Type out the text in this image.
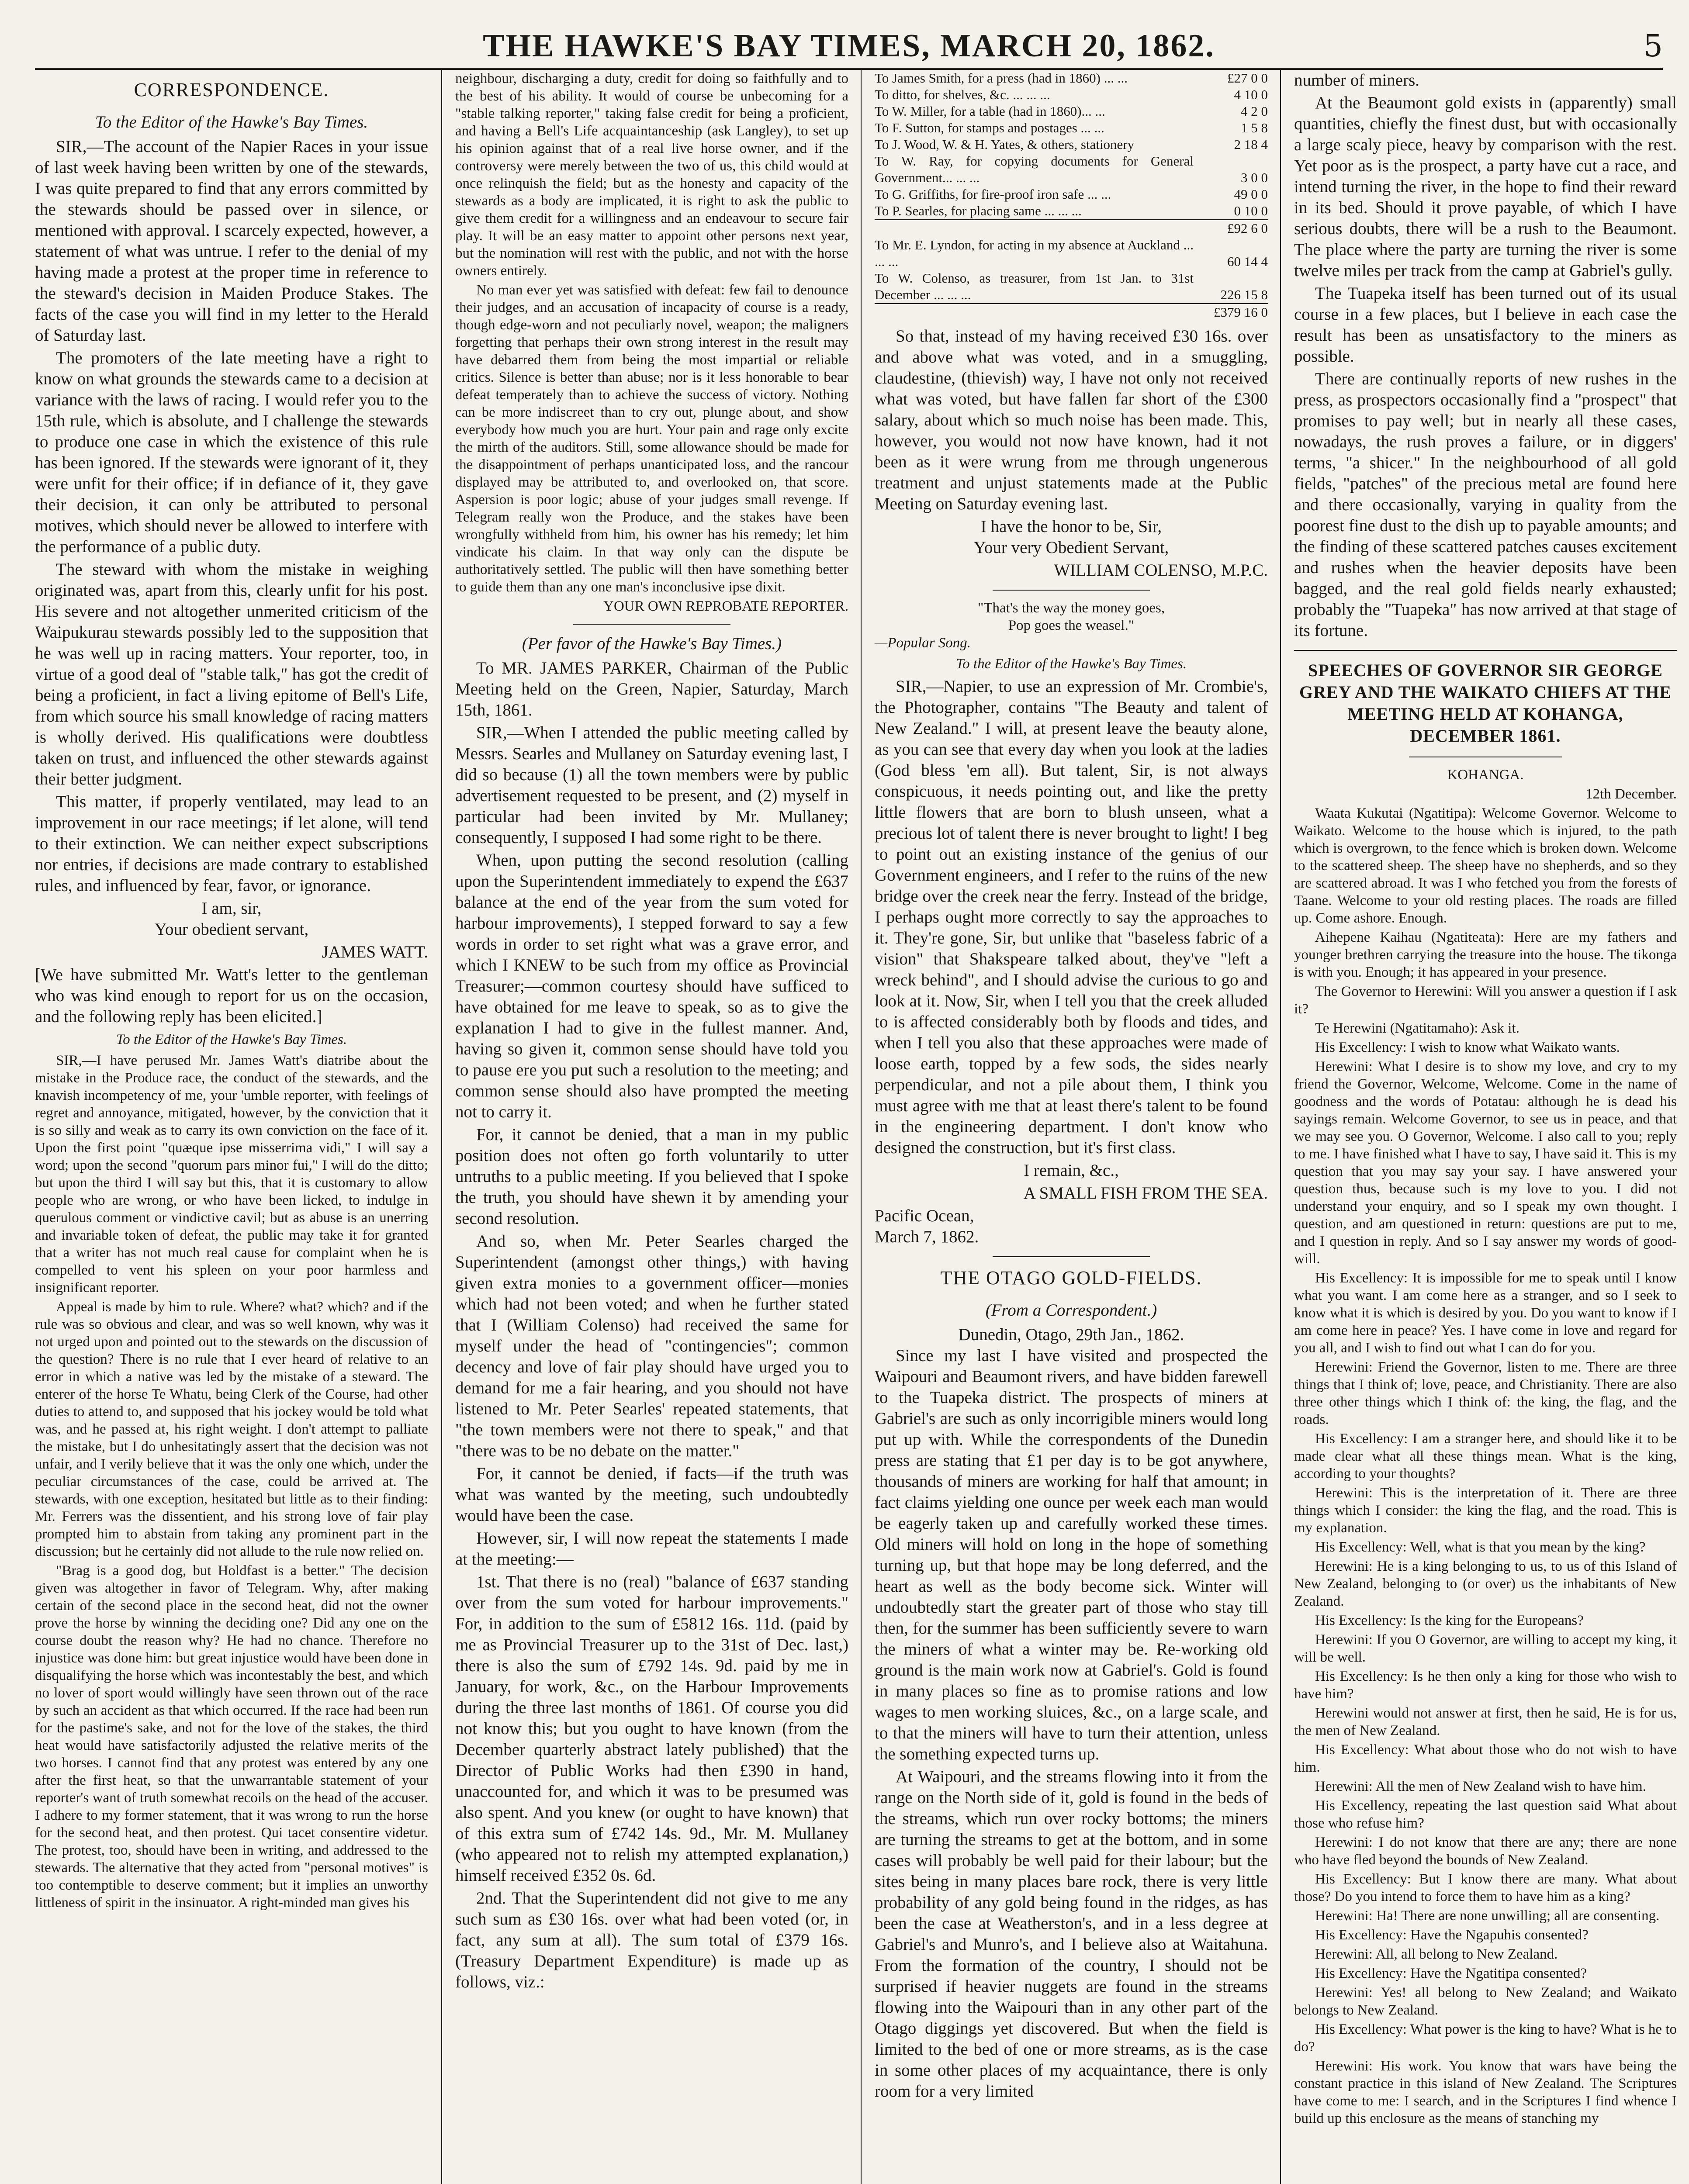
THE HAWKE'S BAY TIMES, MARCH 20, 1862.	5
CORRESPONDENCE.
To the Editor of the Hawke's Bay Times.

SIR,—The account of the Napier Races in your issue of last week having been written by one of the stewards, I was quite prepared to find that any errors committed by the stewards should be passed over in silence, or mentioned with approval. I scarcely expected, however, a statement of what was untrue. I refer to the denial of my having made a protest at the proper time in reference to the steward's decision in Maiden Produce Stakes. The facts of the case you will find in my letter to the Herald of Saturday last.

The promoters of the late meeting have a right to know on what grounds the stewards came to a decision at variance with the laws of racing. I would refer you to the 15th rule, which is absolute, and I challenge the stewards to produce one case in which the existence of this rule has been ignored. If the stewards were ignorant of it, they were unfit for their office; if in defiance of it, they gave their decision, it can only be attributed to personal motives, which should never be allowed to interfere with the performance of a public duty.

The steward with whom the mistake in weighing originated was, apart from this, clearly unfit for his post. His severe and not altogether unmerited criticism of the Waipukurau stewards possibly led to the supposition that he was well up in racing matters. Your reporter, too, in virtue of a good deal of "stable talk," has got the credit of being a proficient, in fact a living epitome of Bell's Life, from which source his small knowledge of racing matters is wholly derived. His qualifications were doubtless taken on trust, and influenced the other stewards against their better judgment.

This matter, if properly ventilated, may lead to an improvement in our race meetings; if let alone, will tend to their extinction. We can neither expect subscriptions nor entries, if decisions are made contrary to established rules, and influenced by fear, favor, or ignorance.

I am, sir,
Your obedient servant,
JAMES WATT.

[We have submitted Mr. Watt's letter to the gentleman who was kind enough to report for us on the occasion, and the following reply has been elicited.]

To the Editor of the Hawke's Bay Times.

SIR,—I have perused Mr. James Watt's diatribe about the mistake in the Produce race, the conduct of the stewards, and the knavish incompetency of me, your 'umble reporter, with feelings of regret and annoyance, mitigated, however, by the conviction that it is so silly and weak as to carry its own conviction on the face of it. Upon the first point "quæque ipse misserrima vidi," I will say a word; upon the second "quorum pars minor fui," I will do the ditto; but upon the third I will say but this, that it is customary to allow people who are wrong, or who have been licked, to indulge in querulous comment or vindictive cavil; but as abuse is an unerring and invariable token of defeat, the public may take it for granted that a writer has not much real cause for complaint when he is compelled to vent his spleen on your poor harmless and insignificant reporter.

Appeal is made by him to rule. Where? what? which? and if the rule was so obvious and clear, and was so well known, why was it not urged upon and pointed out to the stewards on the discussion of the question? There is no rule that I ever heard of relative to an error in which a native was led by the mistake of a steward. The enterer of the horse Te Whatu, being Clerk of the Course, had other duties to attend to, and supposed that his jockey would be told what was, and he passed at, his right weight. I don't attempt to palliate the mistake, but I do unhesitatingly assert that the decision was not unfair, and I verily believe that it was the only one which, under the peculiar circumstances of the case, could be arrived at. The stewards, with one exception, hesitated but little as to their finding: Mr. Ferrers was the dissentient, and his strong love of fair play prompted him to abstain from taking any prominent part in the discussion; but he certainly did not allude to the rule now relied on.

"Brag is a good dog, but Holdfast is a better." The decision given was altogether in favor of Telegram. Why, after making certain of the second place in the second heat, did not the owner prove the horse by winning the deciding one? Did any one on the course doubt the reason why? He had no chance. Therefore no injustice was done him: but great injustice would have been done in disqualifying the horse which was incontestably the best, and which no lover of sport would willingly have seen thrown out of the race by such an accident as that which occurred. If the race had been run for the pastime's sake, and not for the love of the stakes, the third heat would have satisfactorily adjusted the relative merits of the two horses. I cannot find that any protest was entered by any one after the first heat, so that the unwarrantable statement of your reporter's want of truth somewhat recoils on the head of the accuser. I adhere to my former statement, that it was wrong to run the horse for the second heat, and then protest. Qui tacet consentire videtur. The protest, too, should have been in writing, and addressed to the stewards. The alternative that they acted from "personal motives" is too contemptible to deserve comment; but it implies an unworthy littleness of spirit in the insinuator. A right-minded man gives his

neighbour, discharging a duty, credit for doing so faithfully and to the best of his ability. It would of course be unbecoming for a "stable talking reporter," taking false credit for being a proficient, and having a Bell's Life acquaintanceship (ask Langley), to set up his opinion against that of a real live horse owner, and if the controversy were merely between the two of us, this child would at once relinquish the field; but as the honesty and capacity of the stewards as a body are implicated, it is right to ask the public to give them credit for a willingness and an endeavour to secure fair play. It will be an easy matter to appoint other persons next year, but the nomination will rest with the public, and not with the horse owners entirely.

No man ever yet was satisfied with defeat: few fail to denounce their judges, and an accusation of incapacity of course is a ready, though edge-worn and not peculiarly novel, weapon; the maligners forgetting that perhaps their own strong interest in the result may have debarred them from being the most impartial or reliable critics. Silence is better than abuse; nor is it less honorable to bear defeat temperately than to achieve the success of victory. Nothing can be more indiscreet than to cry out, plunge about, and show everybody how much you are hurt. Your pain and rage only excite the mirth of the auditors. Still, some allowance should be made for the disappointment of perhaps unanticipated loss, and the rancour displayed may be attributed to, and overlooked on, that score. Aspersion is poor logic; abuse of your judges small revenge. If Telegram really won the Produce, and the stakes have been wrongfully withheld from him, his owner has his remedy; let him vindicate his claim. In that way only can the dispute be authoritatively settled. The public will then have something better to guide them than any one man's inconclusive ipse dixit.

YOUR OWN REPROBATE REPORTER.
(Per favor of the Hawke's Bay Times.)

To MR. JAMES PARKER, Chairman of the Public Meeting held on the Green, Napier, Saturday, March 15th, 1861.

SIR,—When I attended the public meeting called by Messrs. Searles and Mullaney on Saturday evening last, I did so because (1) all the town members were by public advertisement requested to be present, and (2) myself in particular had been invited by Mr. Mullaney; consequently, I supposed I had some right to be there.

When, upon putting the second resolution (calling upon the Superintendent immediately to expend the £637 balance at the end of the year from the sum voted for harbour improvements), I stepped forward to say a few words in order to set right what was a grave error, and which I KNEW to be such from my office as Provincial Treasurer;—common courtesy should have sufficed to have obtained for me leave to speak, so as to give the explanation I had to give in the fullest manner. And, having so given it, common sense should have told you to pause ere you put such a resolution to the meeting; and common sense should also have prompted the meeting not to carry it.

For, it cannot be denied, that a man in my public position does not often go forth voluntarily to utter untruths to a public meeting. If you believed that I spoke the truth, you should have shewn it by amending your second resolution.

And so, when Mr. Peter Searles charged the Superintendent (amongst other things,) with having given extra monies to a government officer—monies which had not been voted; and when he further stated that I (William Colenso) had received the same for myself under the head of "contingencies"; common decency and love of fair play should have urged you to demand for me a fair hearing, and you should not have listened to Mr. Peter Searles' repeated statements, that "the town members were not there to speak," and that "there was to be no debate on the matter."

For, it cannot be denied, if facts—if the truth was what was wanted by the meeting, such undoubtedly would have been the case.

However, sir, I will now repeat the statements I made at the meeting:—

1st. That there is no (real) "balance of £637 standing over from the sum voted for harbour improvements." For, in addition to the sum of £5812 16s. 11d. (paid by me as Provincial Treasurer up to the 31st of Dec. last,) there is also the sum of £792 14s. 9d. paid by me in January, for work, &c., on the Harbour Improvements during the three last months of 1861. Of course you did not know this; but you ought to have known (from the December quarterly abstract lately published) that the Director of Public Works had then £390 in hand, unaccounted for, and which it was to be presumed was also spent. And you knew (or ought to have known) that of this extra sum of £742 14s. 9d., Mr. M. Mullaney (who appeared not to relish my attempted explanation,) himself received £352 0s. 6d.

2nd. That the Superintendent did not give to me any such sum as £30 16s. over what had been voted (or, in fact, any sum at all). The sum total of £379 16s. (Treasury Department Expenditure) is made up as follows, viz.:

To James Smith, for a press (had in 1860) ... ...	£27 0 0
To ditto, for shelves, &c. ... ... ...	4 10 0
To W. Miller, for a table (had in 1860)... ...	4 2 0
To F. Sutton, for stamps and postages ... ...	1 5 8
To J. Wood, W. & H. Yates, & others, stationery	2 18 4
To W. Ray, for copying documents for General Government... ... ...	3 0 0
To G. Griffiths, for fire-proof iron safe ... ...	49 0 0
To P. Searles, for placing same ... ... ...	0 10 0
	£92 6 0
To Mr. E. Lyndon, for acting in my absence at Auckland ... ... ...	60 14 4
To W. Colenso, as treasurer, from 1st Jan. to 31st December ... ... ...	226 15 8
	£379 16 0

So that, instead of my having received £30 16s. over and above what was voted, and in a smuggling, claudestine, (thievish) way, I have not only not received what was voted, but have fallen far short of the £300 salary, about which so much noise has been made. This, however, you would not now have known, had it not been as it were wrung from me through ungenerous treatment and unjust statements made at the Public Meeting on Saturday evening last.

I have the honor to be, Sir,
Your very Obedient Servant,
WILLIAM COLENSO, M.P.C.
"That's the way the money goes,
Pop goes the weasel."
—Popular Song.
To the Editor of the Hawke's Bay Times.

SIR,—Napier, to use an expression of Mr. Crombie's, the Photographer, contains "The Beauty and talent of New Zealand." I will, at present leave the beauty alone, as you can see that every day when you look at the ladies (God bless 'em all). But talent, Sir, is not always conspicuous, it needs pointing out, and like the pretty little flowers that are born to blush unseen, what a precious lot of talent there is never brought to light! I beg to point out an existing instance of the genius of our Government engineers, and I refer to the ruins of the new bridge over the creek near the ferry. Instead of the bridge, I perhaps ought more correctly to say the approaches to it. They're gone, Sir, but unlike that "baseless fabric of a vision" that Shakspeare talked about, they've "left a wreck behind", and I should advise the curious to go and look at it. Now, Sir, when I tell you that the creek alluded to is affected considerably both by floods and tides, and when I tell you also that these approaches were made of loose earth, topped by a few sods, the sides nearly perpendicular, and not a pile about them, I think you must agree with me that at least there's talent to be found in the engineering department. I don't know who designed the construction, but it's first class.

I remain, &c.,
A SMALL FISH FROM THE SEA.
Pacific Ocean,
March 7, 1862.
THE OTAGO GOLD-FIELDS.
(From a Correspondent.)
Dunedin, Otago, 29th Jan., 1862.

Since my last I have visited and prospected the Waipouri and Beaumont rivers, and have bidden farewell to the Tuapeka district. The prospects of miners at Gabriel's are such as only incorrigible miners would long put up with. While the correspondents of the Dunedin press are stating that £1 per day is to be got anywhere, thousands of miners are working for half that amount; in fact claims yielding one ounce per week each man would be eagerly taken up and carefully worked these times. Old miners will hold on long in the hope of something turning up, but that hope may be long deferred, and the heart as well as the body become sick. Winter will undoubtedly start the greater part of those who stay till then, for the summer has been sufficiently severe to warn the miners of what a winter may be. Re-working old ground is the main work now at Gabriel's. Gold is found in many places so fine as to promise rations and low wages to men working sluices, &c., on a large scale, and to that the miners will have to turn their attention, unless the something expected turns up.

At Waipouri, and the streams flowing into it from the range on the North side of it, gold is found in the beds of the streams, which run over rocky bottoms; the miners are turning the streams to get at the bottom, and in some cases will probably be well paid for their labour; but the sites being in many places bare rock, there is very little probability of any gold being found in the ridges, as has been the case at Weatherston's, and in a less degree at Gabriel's and Munro's, and I believe also at Waitahuna. From the formation of the country, I should not be surprised if heavier nuggets are found in the streams flowing into the Waipouri than in any other part of the Otago diggings yet discovered. But when the field is limited to the bed of one or more streams, as is the case in some other places of my acquaintance, there is only room for a very limited

number of miners.

At the Beaumont gold exists in (apparently) small quantities, chiefly the finest dust, but with occasionally a large scaly piece, heavy by comparison with the rest. Yet poor as is the prospect, a party have cut a race, and intend turning the river, in the hope to find their reward in its bed. Should it prove payable, of which I have serious doubts, there will be a rush to the Beaumont. The place where the party are turning the river is some twelve miles per track from the camp at Gabriel's gully.

The Tuapeka itself has been turned out of its usual course in a few places, but I believe in each case the result has been as unsatisfactory to the miners as possible.

There are continually reports of new rushes in the press, as prospectors occasionally find a "prospect" that promises to pay well; but in nearly all these cases, nowadays, the rush proves a failure, or in diggers' terms, "a shicer." In the neighbourhood of all gold fields, "patches" of the precious metal are found here and there occasionally, varying in quality from the poorest fine dust to the dish up to payable amounts; and the finding of these scattered patches causes excitement and rushes when the heavier deposits have been bagged, and the real gold fields nearly exhausted; probably the "Tuapeka" has now arrived at that stage of its fortune.

SPEECHES OF GOVERNOR SIR GEORGE GREY AND THE WAIKATO CHIEFS AT THE MEETING HELD AT KOHANGA, DECEMBER 1861.
KOHANGA.
12th December.

Waata Kukutai (Ngatitipa): Welcome Governor. Welcome to Waikato. Welcome to the house which is injured, to the path which is overgrown, to the fence which is broken down. Welcome to the scattered sheep. The sheep have no shepherds, and so they are scattered abroad. It was I who fetched you from the forests of Taane. Welcome to your old resting places. The roads are filled up. Come ashore. Enough.

Aihepene Kaihau (Ngatiteata): Here are my fathers and younger brethren carrying the treasure into the house. The tikonga is with you. Enough; it has appeared in your presence.

The Governor to Herewini: Will you answer a question if I ask it?

Te Herewini (Ngatitamaho): Ask it.

His Excellency: I wish to know what Waikato wants.

Herewini: What I desire is to show my love, and cry to my friend the Governor, Welcome, Welcome. Come in the name of goodness and the words of Potatau: although he is dead his sayings remain. Welcome Governor, to see us in peace, and that we may see you. O Governor, Welcome. I also call to you; reply to me. I have finished what I have to say, I have said it. This is my question that you may say your say. I have answered your question thus, because such is my love to you. I did not understand your enquiry, and so I speak my own thought. I question, and am questioned in return: questions are put to me, and I question in reply. And so I say answer my words of good-will.

His Excellency: It is impossible for me to speak until I know what you want. I am come here as a stranger, and so I seek to know what it is which is desired by you. Do you want to know if I am come here in peace? Yes. I have come in love and regard for you all, and I wish to find out what I can do for you.

Herewini: Friend the Governor, listen to me. There are three things that I think of; love, peace, and Christianity. There are also three other things which I think of: the king, the flag, and the roads.

His Excellency: I am a stranger here, and should like it to be made clear what all these things mean. What is the king, according to your thoughts?

Herewini: This is the interpretation of it. There are three things which I consider: the king the flag, and the road. This is my explanation.

His Excellency: Well, what is that you mean by the king?

Herewini: He is a king belonging to us, to us of this Island of New Zealand, belonging to (or over) us the inhabitants of New Zealand.

His Excellency: Is the king for the Europeans?

Herewini: If you O Governor, are willing to accept my king, it will be well.

His Excellency: Is he then only a king for those who wish to have him?

Herewini would not answer at first, then he said, He is for us, the men of New Zealand.

His Excellency: What about those who do not wish to have him.

Herewini: All the men of New Zealand wish to have him.

His Excellency, repeating the last question said What about those who refuse him?

Herewini: I do not know that there are any; there are none who have fled beyond the bounds of New Zealand.

His Excellency: But I know there are many. What about those? Do you intend to force them to have him as a king?

Herewini: Ha! There are none unwilling; all are consenting.

His Excellency: Have the Ngapuhis consented?

Herewini: All, all belong to New Zealand.

His Excellency: Have the Ngatitipa consented?

Herewini: Yes! all belong to New Zealand; and Waikato belongs to New Zealand.

His Excellency: What power is the king to have? What is he to do?

Herewini: His work. You know that wars have being the constant practice in this island of New Zealand. The Scriptures have come to me: I search, and in the Scriptures I find whence I build up this enclosure as the means of stanching my
